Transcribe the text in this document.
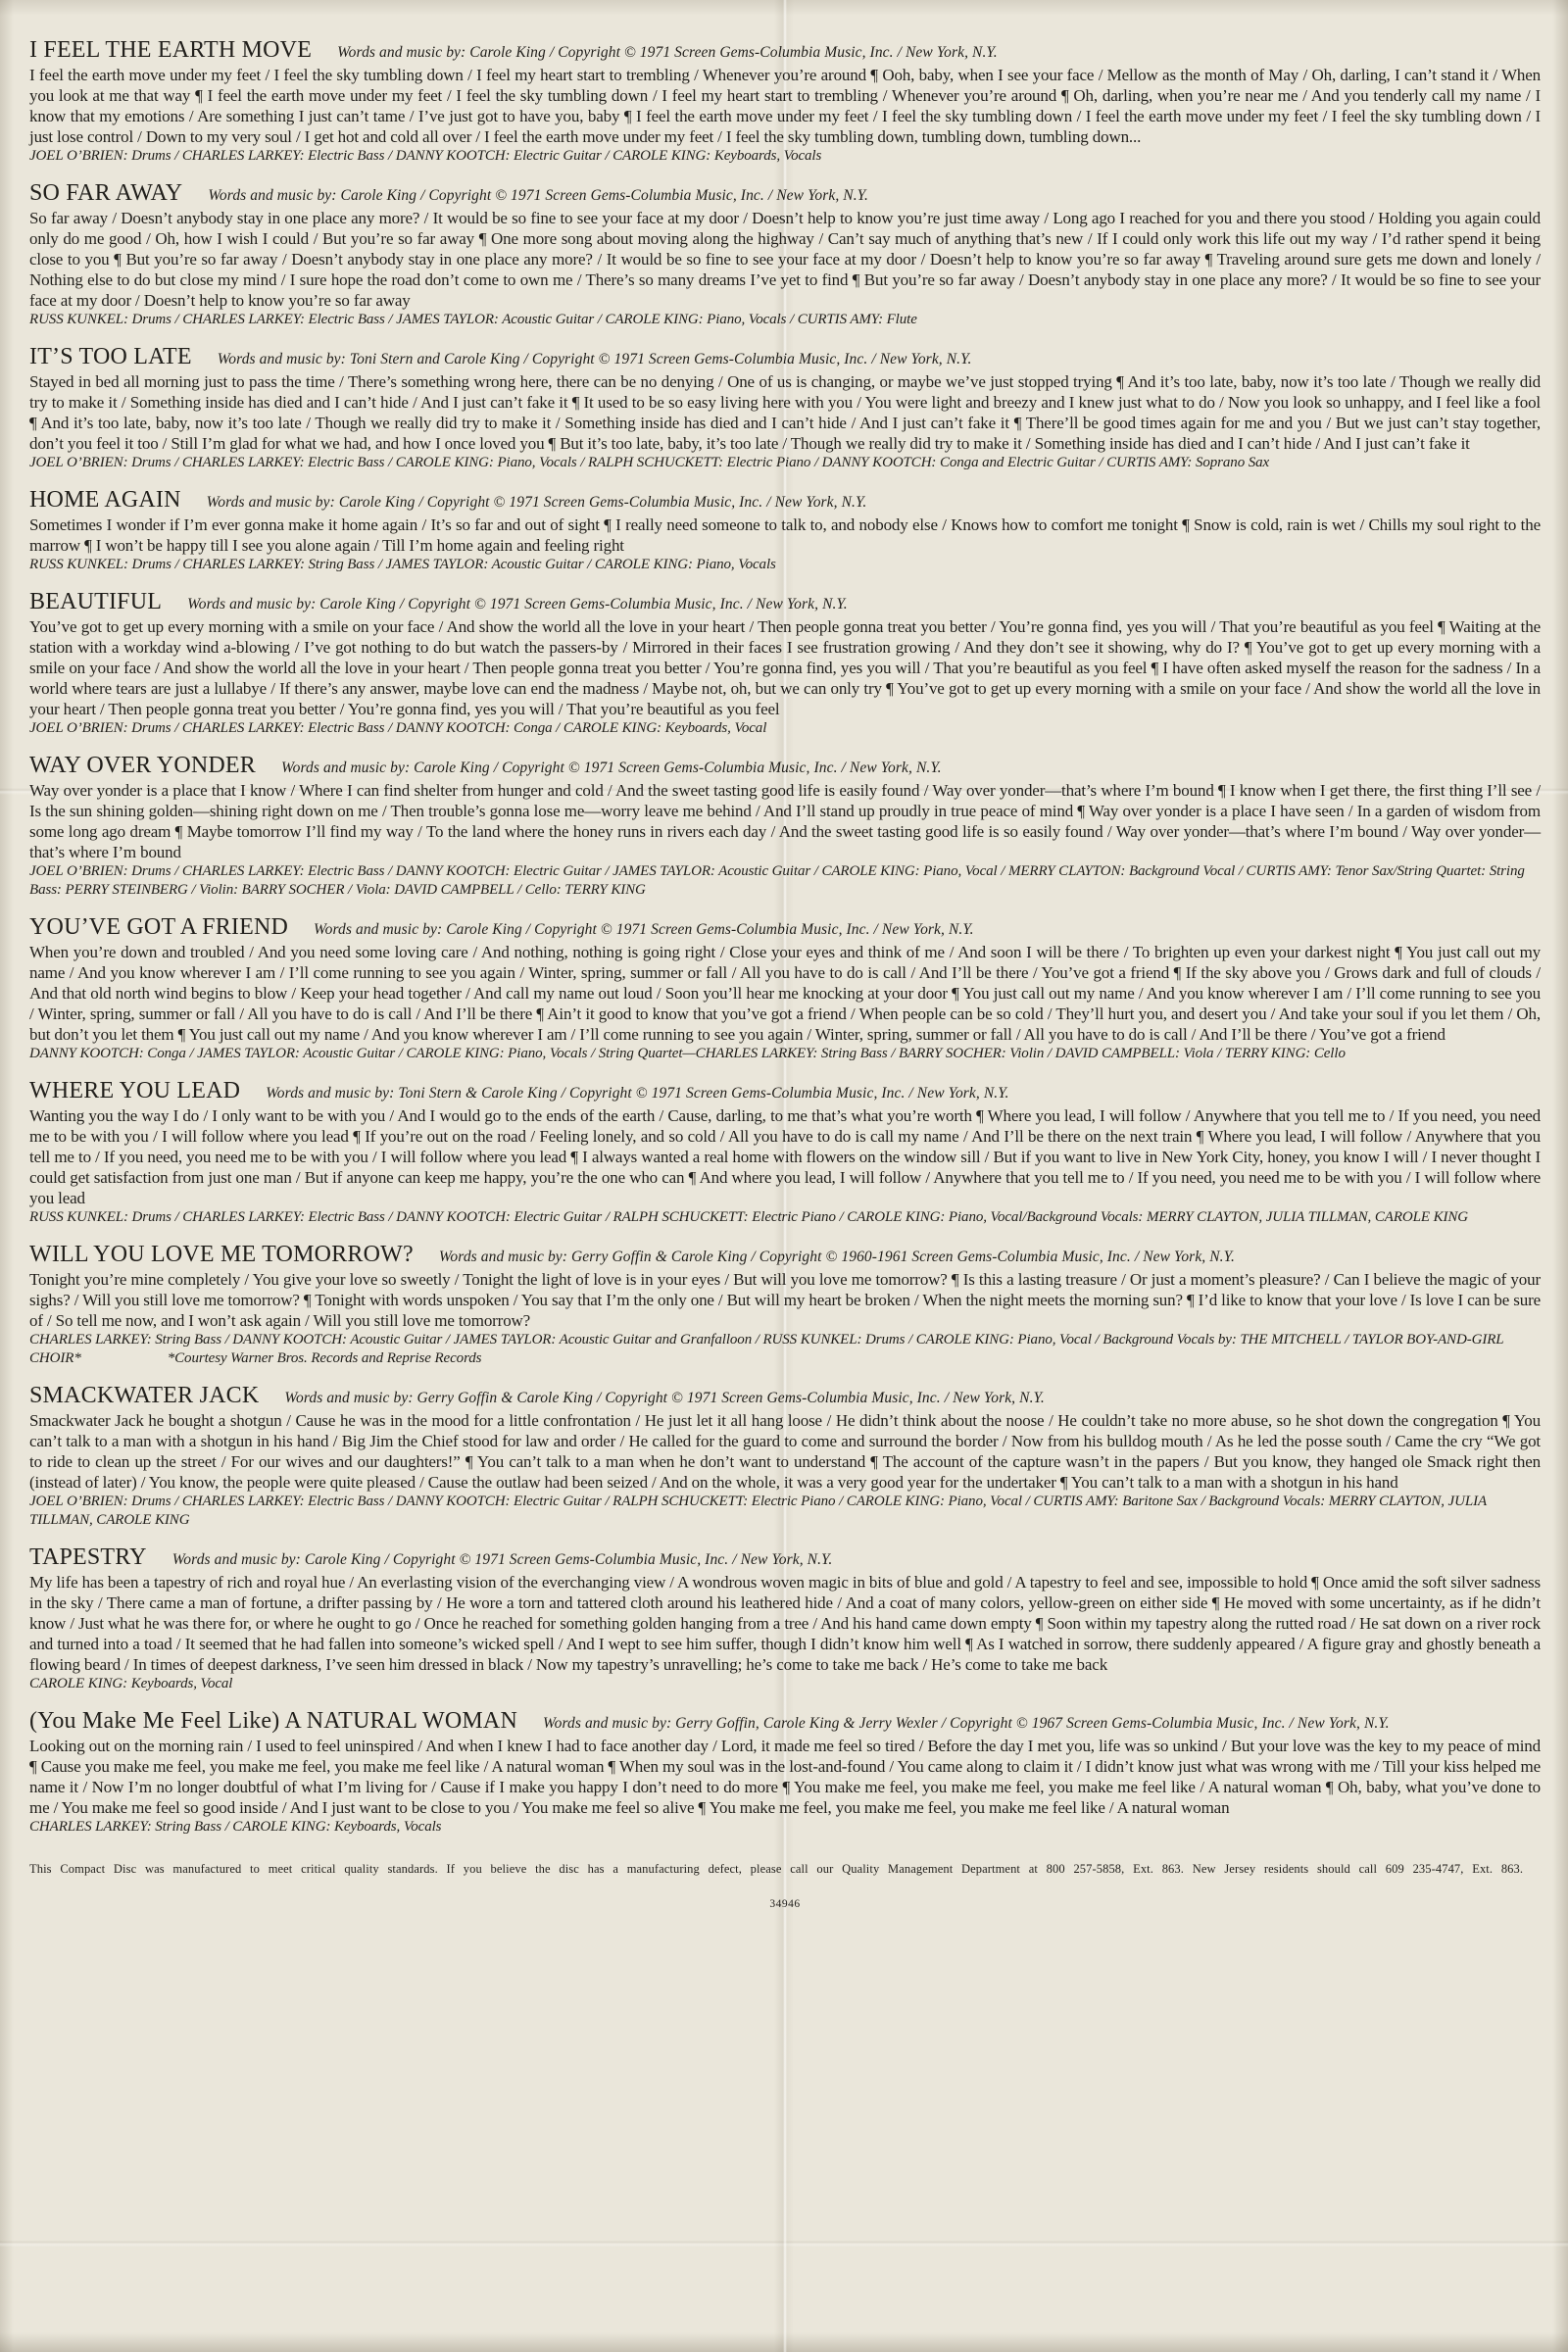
I FEEL THE EARTH MOVE Words and music by: Carole King / Copyright © 1971 Screen Gems-Columbia Music, Inc. / New York, N.Y.

I feel the earth move under my feet / I feel the sky tumbling down / I feel my heart start to trembling / Whenever you’re around ¶ Ooh, baby, when I see your face / Mellow as the month of May / Oh, darling, I can’t stand it / When you look at me that way ¶ I feel the earth move under my feet / I feel the sky tumbling down / I feel my heart start to trembling / Whenever you’re around ¶ Oh, darling, when you’re near me / And you tenderly call my name / I know that my emotions / Are something I just can’t tame / I’ve just got to have you, baby ¶ I feel the earth move under my feet / I feel the sky tumbling down / I feel the earth move under my feet / I feel the sky tumbling down / I just lose control / Down to my very soul / I get hot and cold all over / I feel the earth move under my feet / I feel the sky tumbling down, tumbling down, tumbling down...

JOEL O’BRIEN: Drums / CHARLES LARKEY: Electric Bass / DANNY KOOTCH: Electric Guitar / CAROLE KING: Keyboards, Vocals

SO FAR AWAY Words and music by: Carole King / Copyright © 1971 Screen Gems-Columbia Music, Inc. / New York, N.Y.

So far away / Doesn’t anybody stay in one place any more? / It would be so fine to see your face at my door / Doesn’t help to know you’re just time away / Long ago I reached for you and there you stood / Holding you again could only do me good / Oh, how I wish I could / But you’re so far away ¶ One more song about moving along the highway / Can’t say much of anything that’s new / If I could only work this life out my way / I’d rather spend it being close to you ¶ But you’re so far away / Doesn’t anybody stay in one place any more? / It would be so fine to see your face at my door / Doesn’t help to know you’re so far away ¶ Traveling around sure gets me down and lonely / Nothing else to do but close my mind / I sure hope the road don’t come to own me / There’s so many dreams I’ve yet to find ¶ But you’re so far away / Doesn’t anybody stay in one place any more? / It would be so fine to see your face at my door / Doesn’t help to know you’re so far away

RUSS KUNKEL: Drums / CHARLES LARKEY: Electric Bass / JAMES TAYLOR: Acoustic Guitar / CAROLE KING: Piano, Vocals / CURTIS AMY: Flute

IT’S TOO LATE Words and music by: Toni Stern and Carole King / Copyright © 1971 Screen Gems-Columbia Music, Inc. / New York, N.Y.

Stayed in bed all morning just to pass the time / There’s something wrong here, there can be no denying / One of us is changing, or maybe we’ve just stopped trying ¶ And it’s too late, baby, now it’s too late / Though we really did try to make it / Something inside has died and I can’t hide / And I just can’t fake it ¶ It used to be so easy living here with you / You were light and breezy and I knew just what to do / Now you look so unhappy, and I feel like a fool ¶ And it’s too late, baby, now it’s too late / Though we really did try to make it / Something inside has died and I can’t hide / And I just can’t fake it ¶ There’ll be good times again for me and you / But we just can’t stay together, don’t you feel it too / Still I’m glad for what we had, and how I once loved you ¶ But it’s too late, baby, it’s too late / Though we really did try to make it / Something inside has died and I can’t hide / And I just can’t fake it

JOEL O’BRIEN: Drums / CHARLES LARKEY: Electric Bass / CAROLE KING: Piano, Vocals / RALPH SCHUCKETT: Electric Piano / DANNY KOOTCH: Conga and Electric Guitar / CURTIS AMY: Soprano Sax

HOME AGAIN Words and music by: Carole King / Copyright © 1971 Screen Gems-Columbia Music, Inc. / New York, N.Y.

Sometimes I wonder if I’m ever gonna make it home again / It’s so far and out of sight ¶ I really need someone to talk to, and nobody else / Knows how to comfort me tonight ¶ Snow is cold, rain is wet / Chills my soul right to the marrow ¶ I won’t be happy till I see you alone again / Till I’m home again and feeling right

RUSS KUNKEL: Drums / CHARLES LARKEY: String Bass / JAMES TAYLOR: Acoustic Guitar / CAROLE KING: Piano, Vocals

BEAUTIFUL Words and music by: Carole King / Copyright © 1971 Screen Gems-Columbia Music, Inc. / New York, N.Y.

You’ve got to get up every morning with a smile on your face / And show the world all the love in your heart / Then people gonna treat you better / You’re gonna find, yes you will / That you’re beautiful as you feel ¶ Waiting at the station with a workday wind a-blowing / I’ve got nothing to do but watch the passers-by / Mirrored in their faces I see frustration growing / And they don’t see it showing, why do I? ¶ You’ve got to get up every morning with a smile on your face / And show the world all the love in your heart / Then people gonna treat you better / You’re gonna find, yes you will / That you’re beautiful as you feel ¶ I have often asked myself the reason for the sadness / In a world where tears are just a lullabye / If there’s any answer, maybe love can end the madness / Maybe not, oh, but we can only try ¶ You’ve got to get up every morning with a smile on your face / And show the world all the love in your heart / Then people gonna treat you better / You’re gonna find, yes you will / That you’re beautiful as you feel

JOEL O’BRIEN: Drums / CHARLES LARKEY: Electric Bass / DANNY KOOTCH: Conga / CAROLE KING: Keyboards, Vocal

WAY OVER YONDER Words and music by: Carole King / Copyright © 1971 Screen Gems-Columbia Music, Inc. / New York, N.Y.

Way over yonder is a place that I know / Where I can find shelter from hunger and cold / And the sweet tasting good life is easily found / Way over yonder—that’s where I’m bound ¶ I know when I get there, the first thing I’ll see / Is the sun shining golden—shining right down on me / Then trouble’s gonna lose me—worry leave me behind / And I’ll stand up proudly in true peace of mind ¶ Way over yonder is a place I have seen / In a garden of wisdom from some long ago dream ¶ Maybe tomorrow I’ll find my way / To the land where the honey runs in rivers each day / And the sweet tasting good life is so easily found / Way over yonder—that’s where I’m bound / Way over yonder—that’s where I’m bound

JOEL O’BRIEN: Drums / CHARLES LARKEY: Electric Bass / DANNY KOOTCH: Electric Guitar / JAMES TAYLOR: Acoustic Guitar / CAROLE KING: Piano, Vocal / MERRY CLAYTON: Background Vocal / CURTIS AMY: Tenor Sax/String Quartet: String Bass: PERRY STEINBERG / Violin: BARRY SOCHER / Viola: DAVID CAMPBELL / Cello: TERRY KING

YOU’VE GOT A FRIEND Words and music by: Carole King / Copyright © 1971 Screen Gems-Columbia Music, Inc. / New York, N.Y.

When you’re down and troubled / And you need some loving care / And nothing, nothing is going right / Close your eyes and think of me / And soon I will be there / To brighten up even your darkest night ¶ You just call out my name / And you know wherever I am / I’ll come running to see you again / Winter, spring, summer or fall / All you have to do is call / And I’ll be there / You’ve got a friend ¶ If the sky above you / Grows dark and full of clouds / And that old north wind begins to blow / Keep your head together / And call my name out loud / Soon you’ll hear me knocking at your door ¶ You just call out my name / And you know wherever I am / I’ll come running to see you / Winter, spring, summer or fall / All you have to do is call / And I’ll be there ¶ Ain’t it good to know that you’ve got a friend / When people can be so cold / They’ll hurt you, and desert you / And take your soul if you let them / Oh, but don’t you let them ¶ You just call out my name / And you know wherever I am / I’ll come running to see you again / Winter, spring, summer or fall / All you have to do is call / And I’ll be there / You’ve got a friend

DANNY KOOTCH: Conga / JAMES TAYLOR: Acoustic Guitar / CAROLE KING: Piano, Vocals / String Quartet—CHARLES LARKEY: String Bass / BARRY SOCHER: Violin / DAVID CAMPBELL: Viola / TERRY KING: Cello

WHERE YOU LEAD Words and music by: Toni Stern & Carole King / Copyright © 1971 Screen Gems-Columbia Music, Inc. / New York, N.Y.

Wanting you the way I do / I only want to be with you / And I would go to the ends of the earth / Cause, darling, to me that’s what you’re worth ¶ Where you lead, I will follow / Anywhere that you tell me to / If you need, you need me to be with you / I will follow where you lead ¶ If you’re out on the road / Feeling lonely, and so cold / All you have to do is call my name / And I’ll be there on the next train ¶ Where you lead, I will follow / Anywhere that you tell me to / If you need, you need me to be with you / I will follow where you lead ¶ I always wanted a real home with flowers on the window sill / But if you want to live in New York City, honey, you know I will / I never thought I could get satisfaction from just one man / But if anyone can keep me happy, you’re the one who can ¶ And where you lead, I will follow / Anywhere that you tell me to / If you need, you need me to be with you / I will follow where you lead

RUSS KUNKEL: Drums / CHARLES LARKEY: Electric Bass / DANNY KOOTCH: Electric Guitar / RALPH SCHUCKETT: Electric Piano / CAROLE KING: Piano, Vocal/Background Vocals: MERRY CLAYTON, JULIA TILLMAN, CAROLE KING

WILL YOU LOVE ME TOMORROW? Words and music by: Gerry Goffin & Carole King / Copyright © 1960-1961 Screen Gems-Columbia Music, Inc. / New York, N.Y.

Tonight you’re mine completely / You give your love so sweetly / Tonight the light of love is in your eyes / But will you love me tomorrow? ¶ Is this a lasting treasure / Or just a moment’s pleasure? / Can I believe the magic of your sighs? / Will you still love me tomorrow? ¶ Tonight with words unspoken / You say that I’m the only one / But will my heart be broken / When the night meets the morning sun? ¶ I’d like to know that your love / Is love I can be sure of / So tell me now, and I won’t ask again / Will you still love me tomorrow?

CHARLES LARKEY: String Bass / DANNY KOOTCH: Acoustic Guitar / JAMES TAYLOR: Acoustic Guitar and Granfalloon / RUSS KUNKEL: Drums / CAROLE KING: Piano, Vocal / Background Vocals by: THE MITCHELL / TAYLOR BOY-AND-GIRL CHOIR*	*Courtesy Warner Bros. Records and Reprise Records

SMACKWATER JACK Words and music by: Gerry Goffin & Carole King / Copyright © 1971 Screen Gems-Columbia Music, Inc. / New York, N.Y.

Smackwater Jack he bought a shotgun / Cause he was in the mood for a little confrontation / He just let it all hang loose / He didn’t think about the noose / He couldn’t take no more abuse, so he shot down the congregation ¶ You can’t talk to a man with a shotgun in his hand / Big Jim the Chief stood for law and order / He called for the guard to come and surround the border / Now from his bulldog mouth / As he led the posse south / Came the cry “We got to ride to clean up the street / For our wives and our daughters!” ¶ You can’t talk to a man when he don’t want to understand ¶ The account of the capture wasn’t in the papers / But you know, they hanged ole Smack right then (instead of later) / You know, the people were quite pleased / Cause the outlaw had been seized / And on the whole, it was a very good year for the undertaker ¶ You can’t talk to a man with a shotgun in his hand

JOEL O’BRIEN: Drums / CHARLES LARKEY: Electric Bass / DANNY KOOTCH: Electric Guitar / RALPH SCHUCKETT: Electric Piano / CAROLE KING: Piano, Vocal / CURTIS AMY: Baritone Sax / Background Vocals: MERRY CLAYTON, JULIA TILLMAN, CAROLE KING

TAPESTRY Words and music by: Carole King / Copyright © 1971 Screen Gems-Columbia Music, Inc. / New York, N.Y.

My life has been a tapestry of rich and royal hue / An everlasting vision of the everchanging view / A wondrous woven magic in bits of blue and gold / A tapestry to feel and see, impossible to hold ¶ Once amid the soft silver sadness in the sky / There came a man of fortune, a drifter passing by / He wore a torn and tattered cloth around his leathered hide / And a coat of many colors, yellow-green on either side ¶ He moved with some uncertainty, as if he didn’t know / Just what he was there for, or where he ought to go / Once he reached for something golden hanging from a tree / And his hand came down empty ¶ Soon within my tapestry along the rutted road / He sat down on a river rock and turned into a toad / It seemed that he had fallen into someone’s wicked spell / And I wept to see him suffer, though I didn’t know him well ¶ As I watched in sorrow, there suddenly appeared / A figure gray and ghostly beneath a flowing beard / In times of deepest darkness, I’ve seen him dressed in black / Now my tapestry’s unravelling; he’s come to take me back / He’s come to take me back

CAROLE KING: Keyboards, Vocal

(You Make Me Feel Like) A NATURAL WOMAN Words and music by: Gerry Goffin, Carole King & Jerry Wexler / Copyright © 1967 Screen Gems-Columbia Music, Inc. / New York, N.Y.

Looking out on the morning rain / I used to feel uninspired / And when I knew I had to face another day / Lord, it made me feel so tired / Before the day I met you, life was so unkind / But your love was the key to my peace of mind ¶ Cause you make me feel, you make me feel, you make me feel like / A natural woman ¶ When my soul was in the lost-and-found / You came along to claim it / I didn’t know just what was wrong with me / Till your kiss helped me name it / Now I’m no longer doubtful of what I’m living for / Cause if I make you happy I don’t need to do more ¶ You make me feel, you make me feel, you make me feel like / A natural woman ¶ Oh, baby, what you’ve done to me / You make me feel so good inside / And I just want to be close to you / You make me feel so alive ¶ You make me feel, you make me feel, you make me feel like / A natural woman

CHARLES LARKEY: String Bass / CAROLE KING: Keyboards, Vocals

This Compact Disc was manufactured to meet critical quality standards. If you believe the disc has a manufacturing defect, please call our Quality Management Department at 800 257-5858, Ext. 863. New Jersey residents should call 609 235-4747, Ext. 863.

34946
